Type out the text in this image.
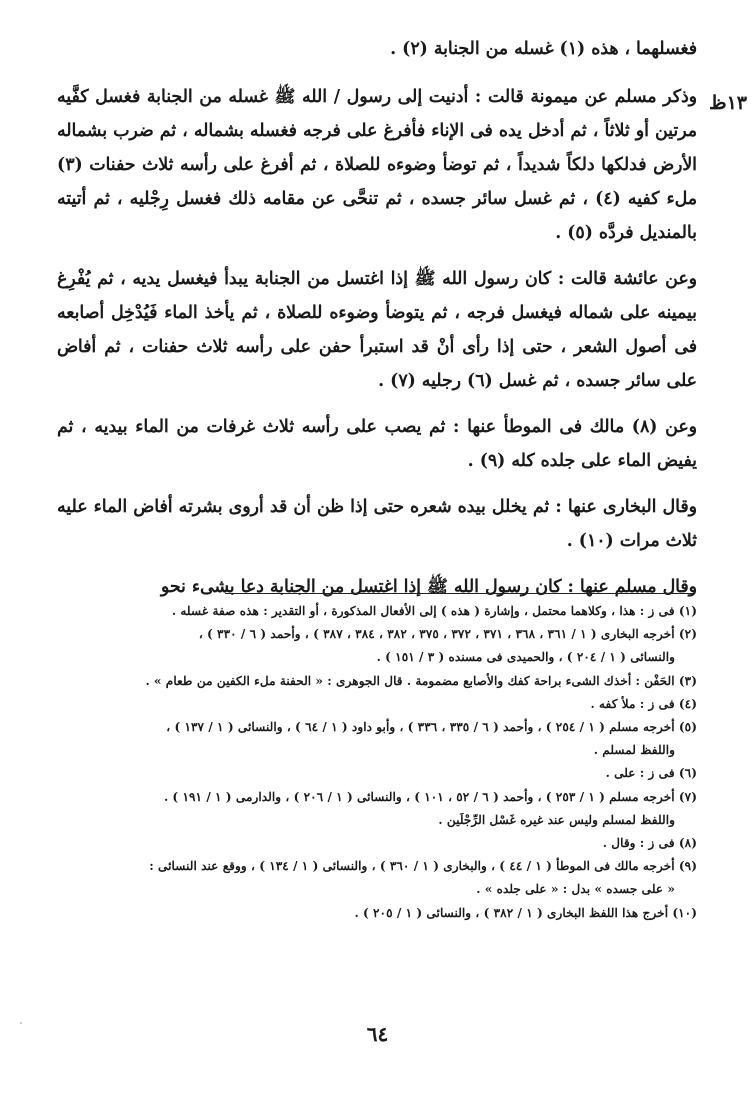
١٣ظ

فغسلهما ، هذه (١) غسله من الجنابة (٢) .

وذكر مسلم عن ميمونة قالت : أدنيت إلى رسول / الله ﷺ غسله من الجنابة فغسل كفَّيه مرتين أو ثلاثاً ، ثم أدخل يده فى الإناء فأفرغ على فرجه فغسله بشماله ، ثم ضرب بشماله الأرض فدلكها دلكاً شديداً ، ثم توضأ وضوءه للصلاة ، ثم أفرغ على رأسه ثلاث حفنات (٣) ملء كفيه (٤) ، ثم غسل سائر جسده ، ثم تنحَّى عن مقامه ذلك فغسل رِجْليه ، ثم أتيته بالمنديل فردَّه (٥) .

وعن عائشة قالت : كان رسول الله ﷺ إذا اغتسل من الجنابة يبدأ فيغسل يديه ، ثم يُفْرِغ بيمينه على شماله فيغسل فرجه ، ثم يتوضأ وضوءه للصلاة ، ثم يأخذ الماء فَيُدْخِل أصابعه فى أصول الشعر ، حتى إذا رأى أنْ قد استبرأ حفن على رأسه ثلاث حفنات ، ثم أفاض على سائر جسده ، ثم غسل (٦) رجليه (٧) .

وعن (٨) مالك فى الموطأ عنها : ثم يصب على رأسه ثلاث غرفات من الماء بيديه ، ثم يفيض الماء على جلده كله (٩) .

وقال البخارى عنها : ثم يخلل بيده شعره حتى إذا ظن أن قد أروى بشرته أفاض الماء عليه ثلاث مرات (١٠) .

وقال مسلم عنها : كان رسول الله ﷺ إذا اغتسل من الجنابة دعا بشىء نحو

(١) فى ز : هذا ، وكلاهما محتمل ، وإشارة ( هذه ) إلى الأفعال المذكورة ، أو التقدير : هذه صفة غسله .

(٢) أخرجه البخارى ( ١ / ٣٦١ ، ٣٦٨ ، ٣٧١ ، ٣٧٢ ، ٣٧٥ ، ٣٨٢ ، ٣٨٤ ، ٣٨٧ ) ، وأحمد ( ٦ / ٣٣٠ ) ،

والنسائى ( ١ / ٢٠٤ ) ، والحميدى فى مسنده ( ٣ / ١٥١ ) .

(٣) الحَفْن : أخذك الشىء براحة كفك والأصابع مضمومة . قال الجوهرى : « الحفنة ملء الكفين من طعام » .

(٤) فى ز : ملأ كفه .

(٥) أخرجه مسلم ( ١ / ٢٥٤ ) ، وأحمد ( ٦ / ٣٣٥ ، ٣٣٦ ) ، وأبو داود ( ١ / ٦٤ ) ، والنسائى ( ١ / ١٣٧ ) ،

واللفظ لمسلم .

(٦) فى ز : على .

(٧) أخرجه مسلم ( ١ / ٢٥٣ ) ، وأحمد ( ٦ / ٥٢ ، ١٠١ ) ، والنسائى ( ١ / ٢٠٦ ) ، والدارمى ( ١ / ١٩١ ) .

واللفظ لمسلم وليس عند غيره غَسْل الرِّجْلَين .

(٨) فى ز : وقال .

(٩) أخرجه مالك فى الموطأ ( ١ / ٤٤ ) ، والبخارى ( ١ / ٣٦٠ ) ، والنسائى ( ١ / ١٣٤ ) ، ووقع عند النسائى :

« على جسده » بدل : « على جلده » .

(١٠) أخرج هذا اللفظ البخارى ( ١ / ٣٨٢ ) ، والنسائى ( ١ / ٢٠٥ ) .

٦٤
